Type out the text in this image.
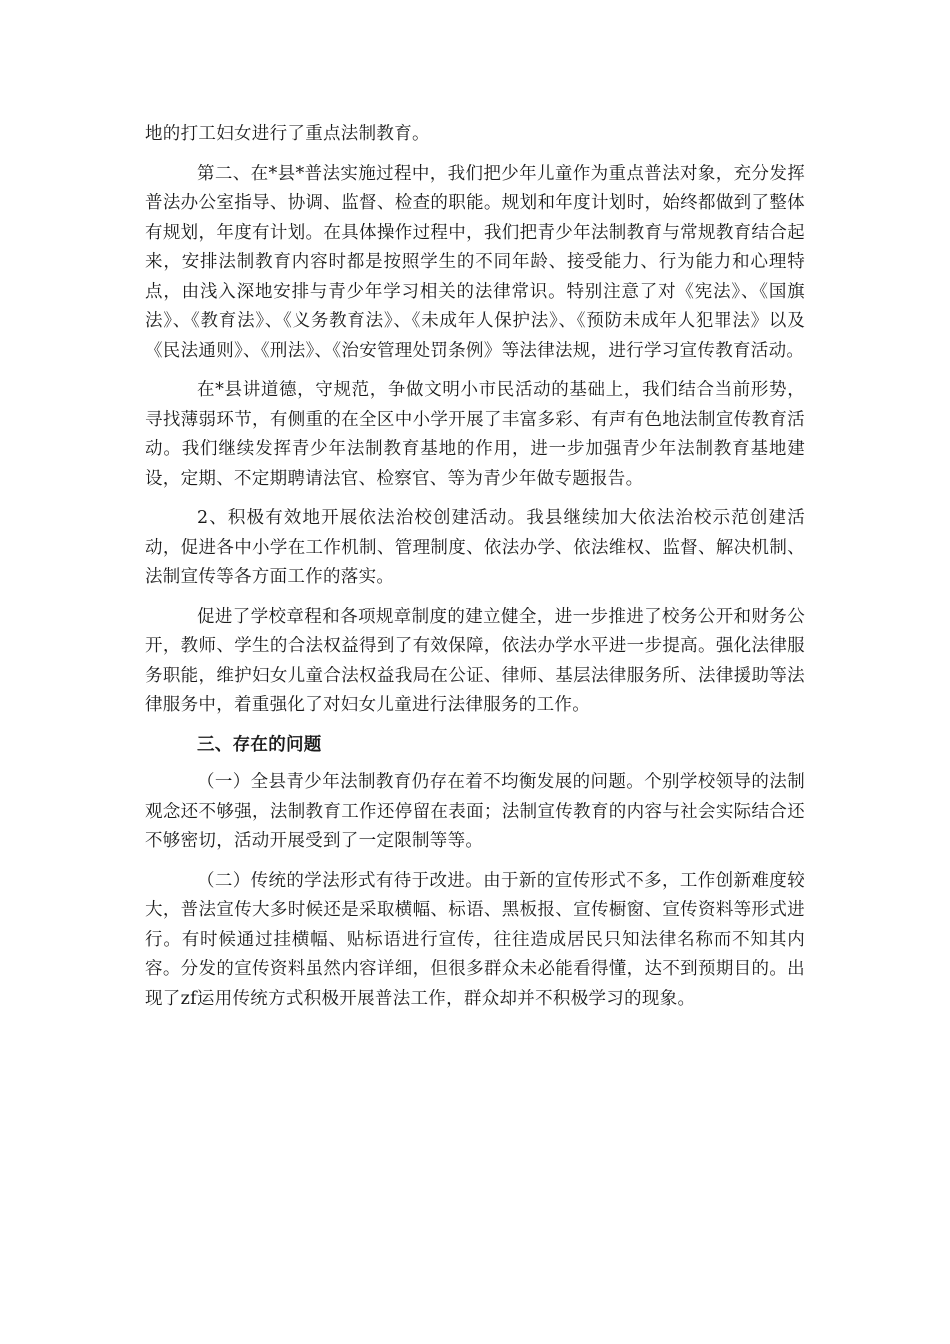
地的打工妇女进行了重点法制教育。

第二、在*县*普法实施过程中，我们把少年儿童作为重点普法对象，充分发挥普法办公室指导、协调、监督、检查的职能。规划和年度计划时，始终都做到了整体有规划，年度有计划。在具体操作过程中，我们把青少年法制教育与常规教育结合起来，安排法制教育内容时都是按照学生的不同年龄、接受能力、行为能力和心理特点，由浅入深地安排与青少年学习相关的法律常识。特别注意了对《宪法》、《国旗法》、《教育法》、《义务教育法》、《未成年人保护法》、《预防未成年人犯罪法》以及《民法通则》、《刑法》、《治安管理处罚条例》等法律法规，进行学习宣传教育活动。

在*县讲道德，守规范，争做文明小市民活动的基础上，我们结合当前形势，寻找薄弱环节，有侧重的在全区中小学开展了丰富多彩、有声有色地法制宣传教育活动。我们继续发挥青少年法制教育基地的作用，进一步加强青少年法制教育基地建设，定期、不定期聘请法官、检察官、等为青少年做专题报告。

2、积极有效地开展依法治校创建活动。我县继续加大依法治校示范创建活动，促进各中小学在工作机制、管理制度、依法办学、依法维权、监督、解决机制、法制宣传等各方面工作的落实。

促进了学校章程和各项规章制度的建立健全，进一步推进了校务公开和财务公开，教师、学生的合法权益得到了有效保障，依法办学水平进一步提高。强化法律服务职能，维护妇女儿童合法权益我局在公证、律师、基层法律服务所、法律援助等法律服务中，着重强化了对妇女儿童进行法律服务的工作。

三、存在的问题

（一）全县青少年法制教育仍存在着不均衡发展的问题。个别学校领导的法制观念还不够强，法制教育工作还停留在表面；法制宣传教育的内容与社会实际结合还不够密切，活动开展受到了一定限制等等。

（二）传统的学法形式有待于改进。由于新的宣传形式不多，工作创新难度较大，普法宣传大多时候还是采取横幅、标语、黑板报、宣传橱窗、宣传资料等形式进行。有时候通过挂横幅、贴标语进行宣传，往往造成居民只知法律名称而不知其内容。分发的宣传资料虽然内容详细，但很多群众未必能看得懂，达不到预期目的。出现了zf运用传统方式积极开展普法工作，群众却并不积极学习的现象。
